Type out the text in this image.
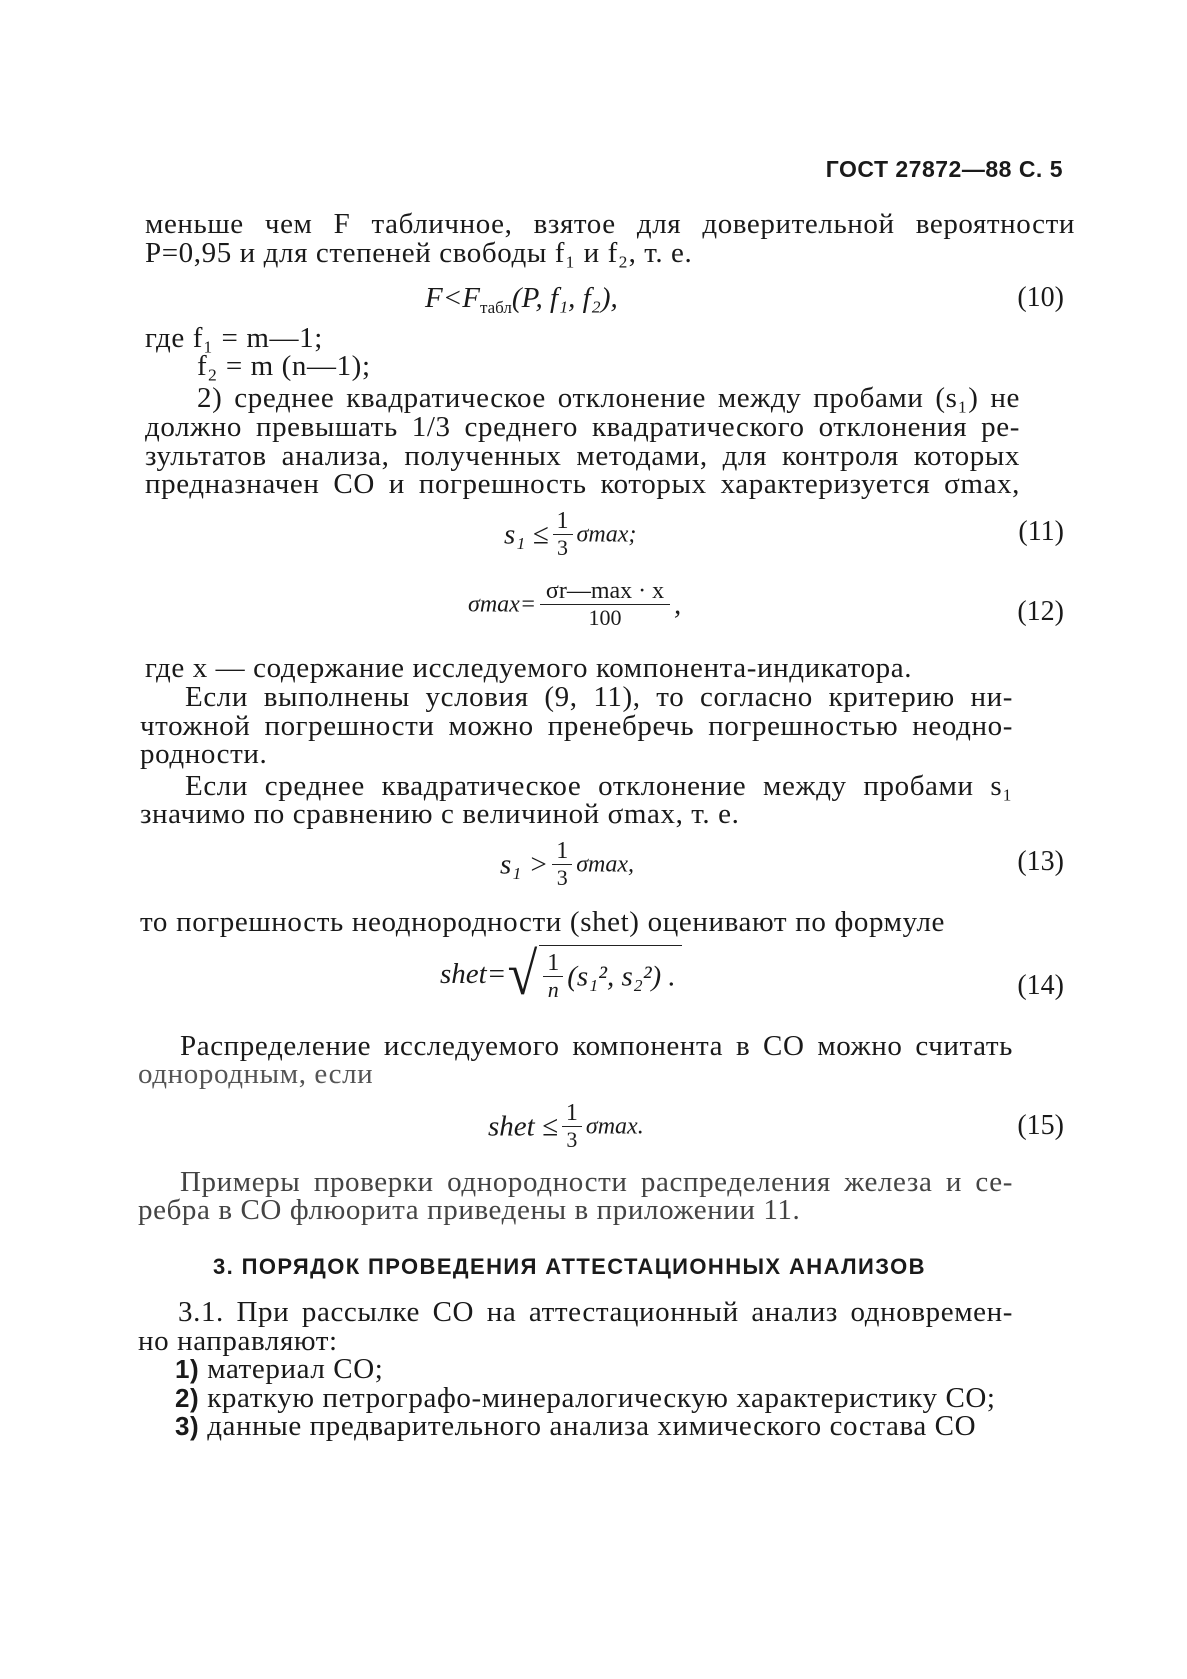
ГОСТ 27872—88 С. 5
меньше чем F табличное, взятое для доверительной вероятности
P=0,95 и для степеней свободы f₁ и f₂, т. е.
$F<F_{табл}(P$, f₁, f₂),	(10)
где f₁ = m—1;
f₂ = m (n—1);
2) среднее квадратическое отклонение между пробами (s₁) не
должно превышать 1/3 среднего квадратического отклонения ре-
зультатов анализа, полученных методами, для контроля которых
предназначен СО и погрешность которых характеризуется σmax,
$s_1 \le \frac{1}{3} \sigma\max$;	(11)
$\sigma\max= \frac{\sigma r—\max \cdot x}{100}$ ,	(12)
где x — содержание исследуемого компонента-индикатора.
Если выполнены условия (9, 11), то согласно критерию ни-
чтожной погрешности можно пренебречь погрешностью неодно-
родности.
Если среднее квадратическое отклонение между пробами s₁
значимо по сравнению с величиной σmax, т. е.
$s_1 > \frac{1}{3} \sigma\max$,	(13)
то погрешность неоднородности (shet) оценивают по формуле
shet=√ $\frac{1}{n} (s_1^2$, s₂²) .	(14)
Распределение исследуемого компонента в СО можно считать
однородным, если
shet ≤ $\frac{1}{3} \sigma\max$.	(15)
Примеры проверки однородности распределения железа и се-
ребра в СО флюорита приведены в приложении 11.
3. ПОРЯДОК ПРОВЕДЕНИЯ АТТЕСТАЦИОННЫХ АНАЛИЗОВ
3.1. При рассылке СО на аттестационный анализ одновремен-
но направляют:
1) материал СО;
2) краткую петрографо-минералогическую характеристику СО;
3) данные предварительного анализа химического состава СО
